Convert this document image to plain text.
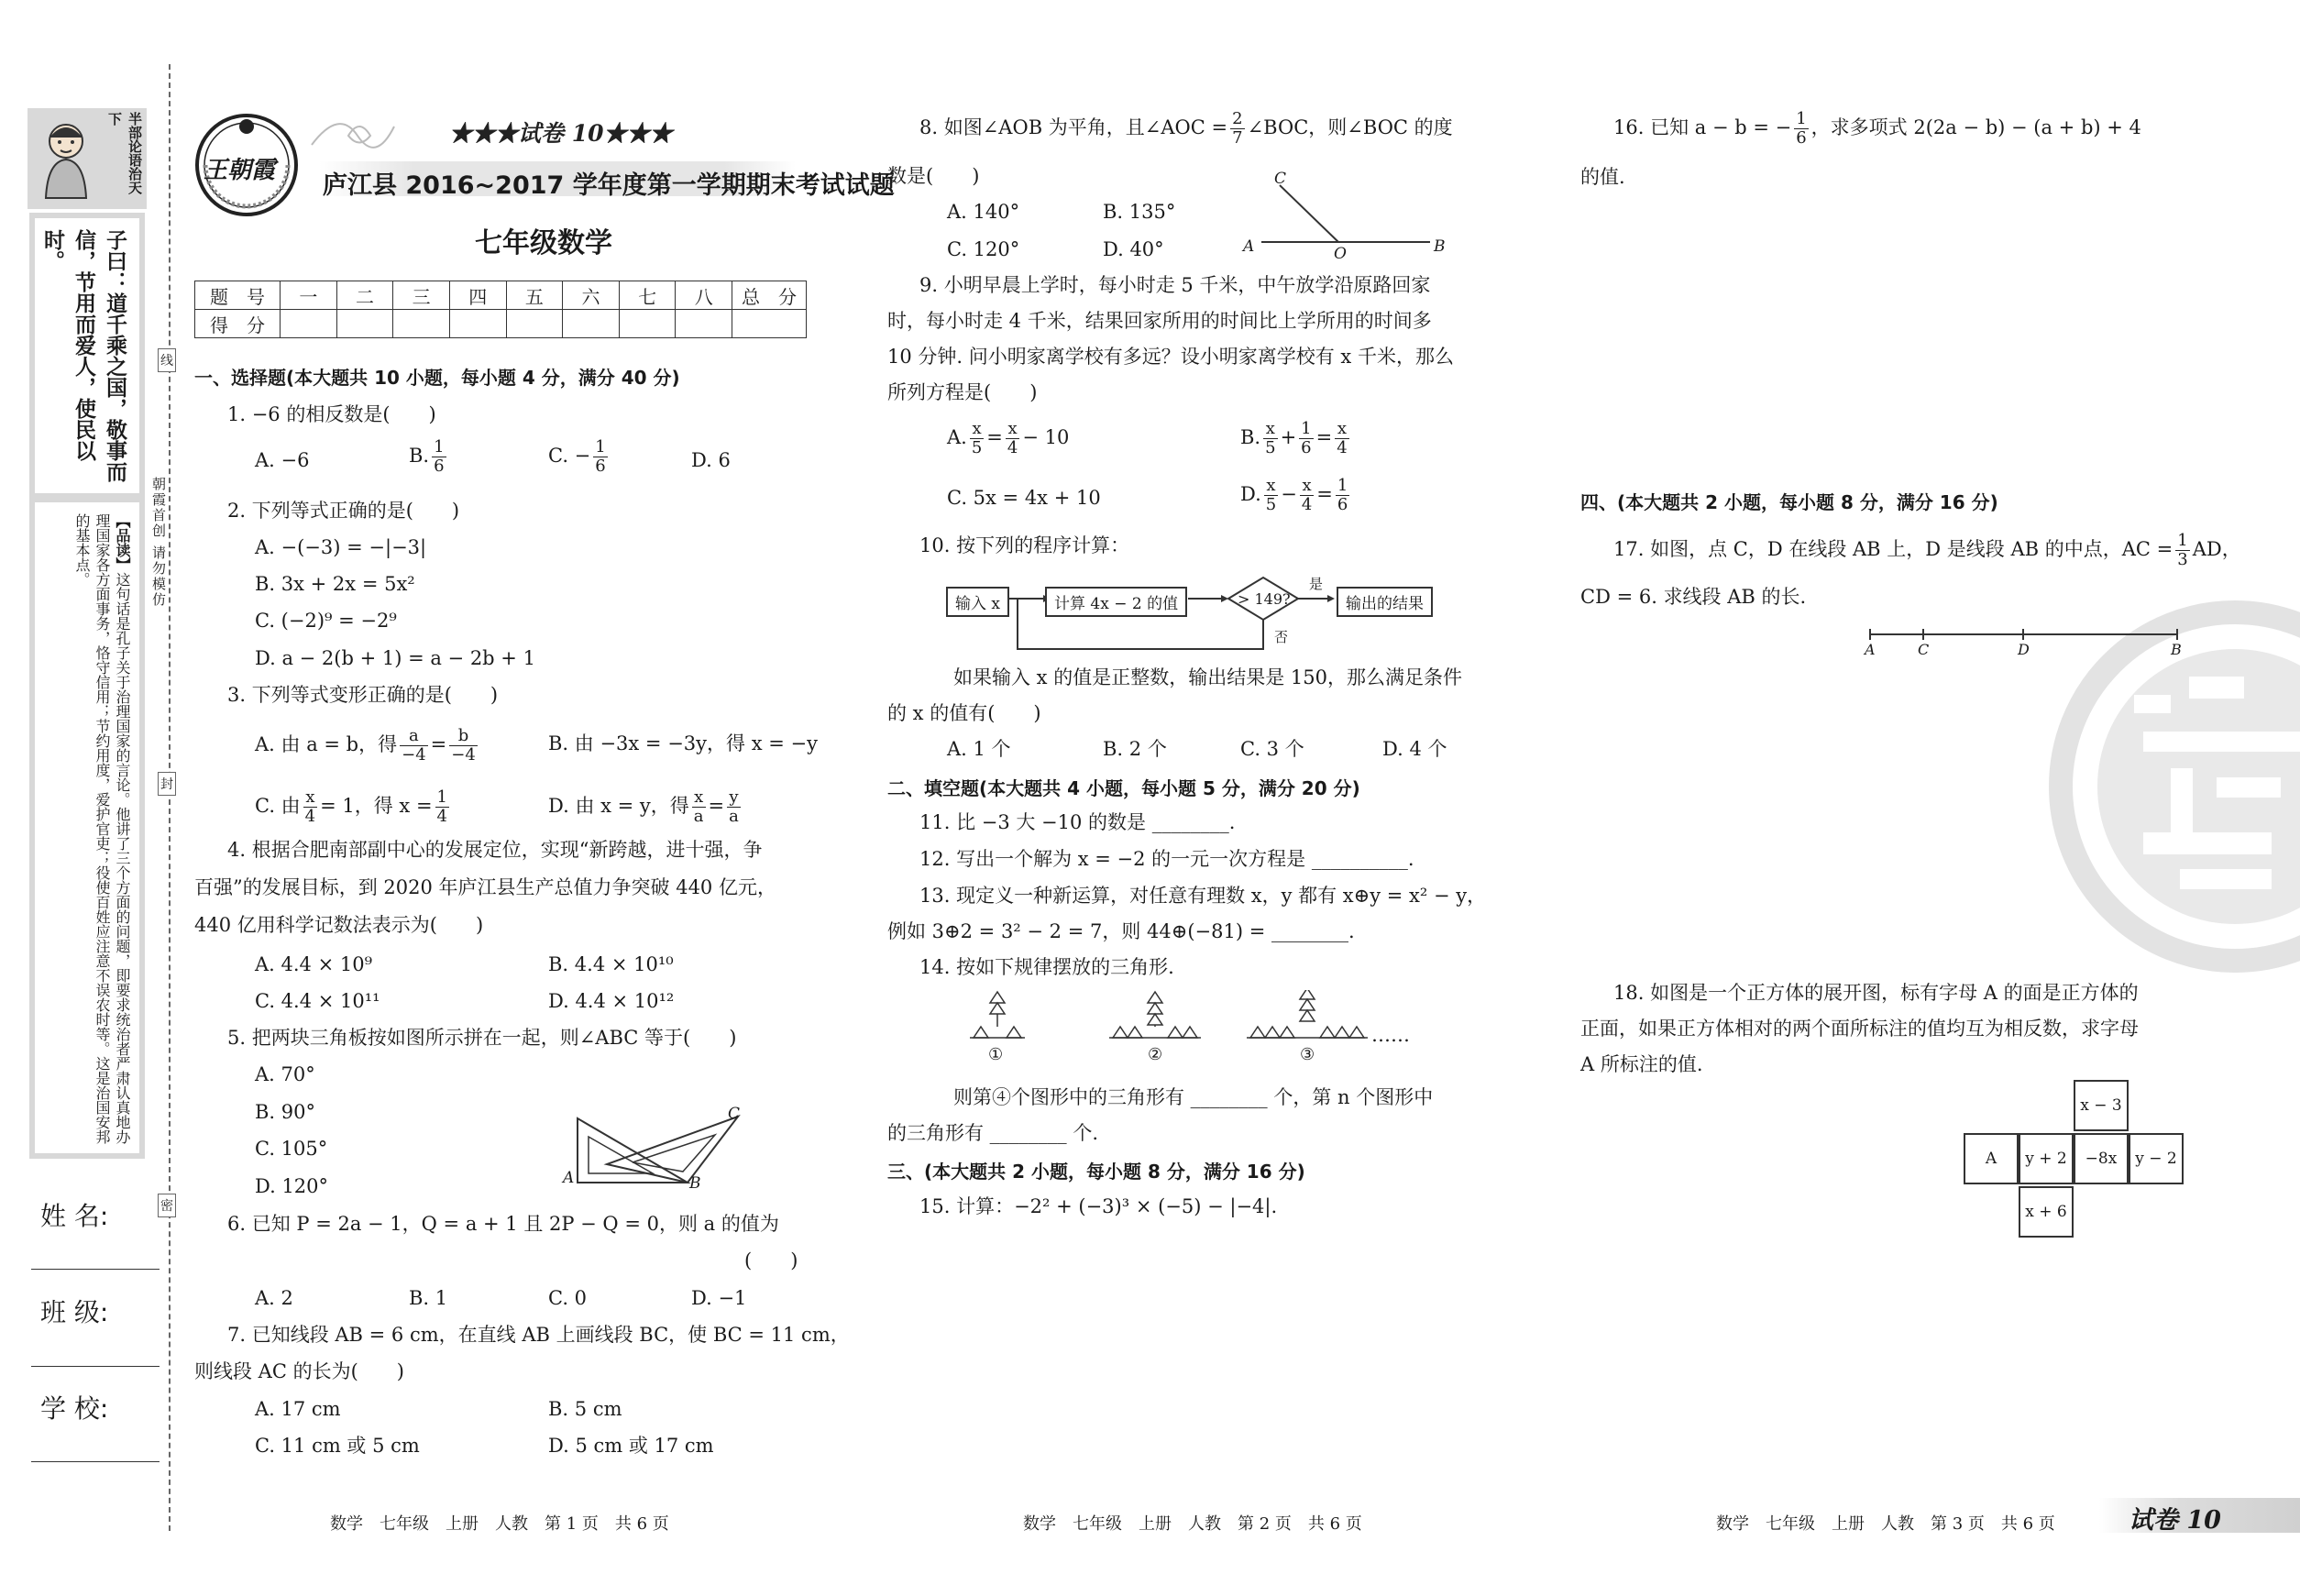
半部论语治天下
子曰：道千乘之国，敬事而信，节用而爱人，使民以时。
【品读】这句话是孔子关于治理国家的言论。他讲了三个方面的问题，即要求统治者严肃认真地办理国家各方面事务，恪守信用；节约用度，爱护官吏；役使百姓应注意不误农时等。这是治国安邦的基本点。
姓 名:
班 级:
学 校:
线
封
密
朝霞首创 请勿模仿
王朝霞
★★★试卷 10★★★
庐江县 2016~2017 学年度第一学期期末考试试题
七年级数学
题　号	一	二	三	四	五	六	七	八	总　分
得　分									
一、选择题(本大题共 10 小题，每小题 4 分，满分 40 分)
1. −6 的相反数是(　　)
A. −6	B. $\frac{1}{6}$	C. − $\frac{1}{6}$	D. 6
2. 下列等式正确的是(　　)
A. −(−3) = −|−3|
B. 3x + 2x = 5x²
C. (−2)⁹ = −2⁹
D. a − 2(b + 1) = a − 2b + 1
3. 下列等式变形正确的是(　　)
A. 由 a = b，得 $\frac{a}{-4} = \frac{b}{-4}$	B. 由 −3x = −3y，得 x = −y
C. 由 $\frac{x}{4} = 1$，得 $x = \frac{1}{4}$	D. 由 x = y，得 $\frac{x}{a} = \frac{y}{a}$
4. 根据合肥南部副中心的发展定位，实现“新跨越，进十强，争
百强”的发展目标，到 2020 年庐江县生产总值力争突破 440 亿元，
440 亿用科学记数法表示为(　　)
A. 4.4 × 10⁹	B. 4.4 × 10¹⁰
C. 4.4 × 10¹¹	D. 4.4 × 10¹²
5. 把两块三角板按如图所示拼在一起，则∠ABC 等于(　　)
A. 70°
B. 90°
C. 105°
D. 120°	A	B
C
6. 已知 P = 2a − 1，Q = a + 1 且 2P − Q = 0，则 a 的值为
(　　)
A. 2	B. 1	C. 0	D. −1
7. 已知线段 AB = 6 cm，在直线 AB 上画线段 BC，使 BC = 11 cm，
则线段 AC 的长为(　　)
A. 17 cm	B. 5 cm
C. 11 cm 或 5 cm	D. 5 cm 或 17 cm
数学　七年级　上册　人教　第 1 页　共 6 页
8. 如图∠AOB 为平角，且∠AOC = $\frac{2}{7}$ ∠BOC，则∠BOC 的度
数是(　　)
A. 140°	B. 135°
C. 120°	D. 40°
C
A	O	B
9. 小明早晨上学时，每小时走 5 千米，中午放学沿原路回家
时，每小时走 4 千米，结果回家所用的时间比上学所用的时间多
10 分钟. 问小明家离学校有多远？设小明家离学校有 x 千米，那么
所列方程是(　　)
A. $\frac{x}{5} = \frac{x}{4} - 10$	B. $\frac{x}{5} + \frac{1}{6} = \frac{x}{4}$
C. 5x = 4x + 10	D. $\frac{x}{5} - \frac{x}{4} = \frac{1}{6}$
10. 按下列的程序计算：
输入 x	计算 4x − 2 的值	> 149?
是
否
输出的结果
如果输入 x 的值是正整数，输出结果是 150，那么满足条件
的 x 的值有(　　)
A. 1 个	B. 2 个	C. 3 个	D. 4 个
二、填空题(本大题共 4 小题，每小题 5 分，满分 20 分)
11. 比 −3 大 −10 的数是 ________.
12. 写出一个解为 x = −2 的一元一次方程是 __________.
13. 现定义一种新运算，对任意有理数 x，y 都有 x⊕y = x² − y，
例如 3⊕2 = 3² − 2 = 7，则 44⊕(−81) = ________.
14. 按如下规律摆放的三角形.
①	②	③
……
则第④个图形中的三角形有 ________ 个，第 n 个图形中
的三角形有 ________ 个.
三、(本大题共 2 小题，每小题 8 分，满分 16 分)
15. 计算：−2² + (−3)³ × (−5) − |−4|.
数学　七年级　上册　人教　第 2 页　共 6 页
16. 已知 a − b = − $\frac{1}{6}$ ，求多项式 2(2a − b) − (a + b) + 4
的值.
四、(本大题共 2 小题，每小题 8 分，满分 16 分)
17. 如图，点 C，D 在线段 AB 上，D 是线段 AB 的中点，AC = $\frac{1}{3}$ AD，
CD = 6. 求线段 AB 的长.
A	C	D	B
18. 如图是一个正方体的展开图，标有字母 A 的面是正方体的
正面，如果正方体相对的两个面所标注的值均互为相反数，求字母
A 所标注的值.
x − 3
A	y + 2	−8x	y − 2
x + 6
数学　七年级　上册　人教　第 3 页　共 6 页	试卷 10
